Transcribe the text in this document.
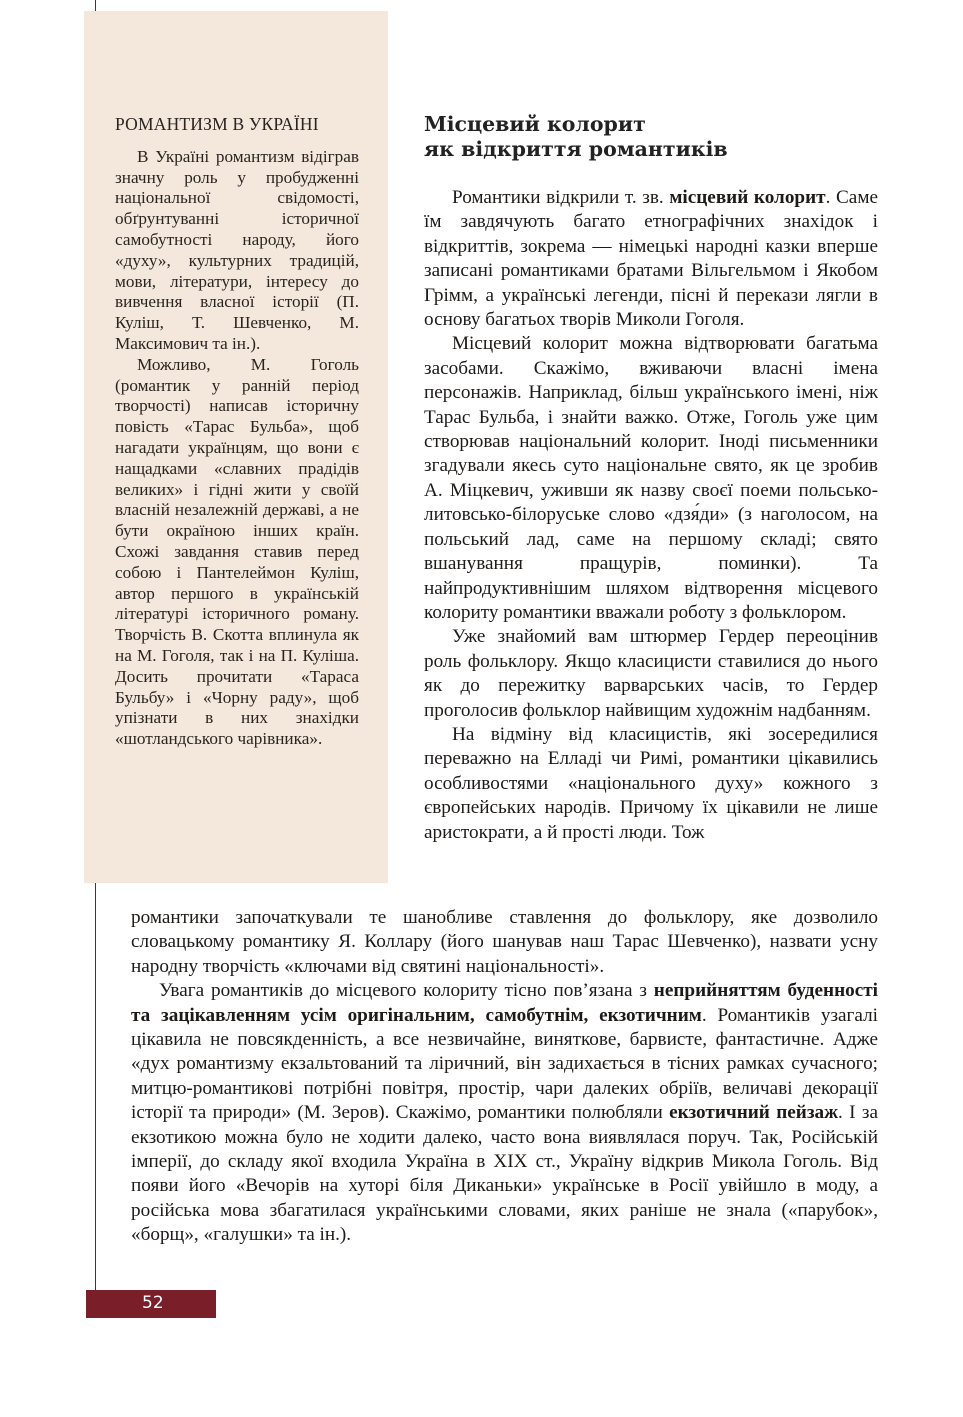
РОМАНТИЗМ В УКРАЇНІ

В Україні романтизм відіграв значну роль у пробудженні національної свідомості, обґрунтуванні історичної самобутності народу, його «духу», культурних традицій, мови, літератури, інтересу до вивчення власної історії (П. Куліш, Т. Шевченко, М. Максимович та ін.).

Можливо, М. Гоголь (романтик у ранній період творчості) написав історичну повість «Тарас Бульба», щоб нагадати українцям, що вони є нащадками «славних прадідів великих» і гідні жити у своїй власній незалежній державі, а не бути окраїною інших країн. Схожі завдання ставив перед собою і Пантелеймон Куліш, автор першого в українській літературі історичного роману. Творчість В. Скотта вплинула як на М. Гоголя, так і на П. Куліша. Досить прочитати «Тараса Бульбу» і «Чорну раду», щоб упізнати в них знахідки «шотландського чарівника».

Місцевий колорит
як відкриття романтиків

Романтики відкрили т. зв. місцевий колорит. Саме їм завдячують багато етнографічних знахідок і відкриттів, зокрема — німецькі народні казки вперше записані романтиками братами Вільгельмом і Якобом Грімм, а українські легенди, пісні й перекази лягли в основу багатьох творів Миколи Гоголя.

Місцевий колорит можна відтворювати багатьма засобами. Скажімо, вживаючи власні імена персонажів. Наприклад, більш українського імені, ніж Тарас Бульба, і знайти важко. Отже, Гоголь уже цим створював національний колорит. Іноді письменники згадували якесь суто національне свято, як це зробив А. Міцкевич, уживши як назву своєї поеми польсько-литовсько-білоруське слово «дзя́ди» (з наголосом, на польський лад, саме на першому складі; свято вшанування пращурів, поминки). Та найпродуктивнішим шляхом відтворення місцевого колориту романтики вважали роботу з фольклором.

Уже знайомий вам штюрмер Гердер переоцінив роль фольклору. Якщо класицисти ставилися до нього як до пережитку варварських часів, то Гердер проголосив фольклор найвищим художнім надбанням.

На відміну від класицистів, які зосередилися переважно на Елладі чи Римі, романтики цікавились особливостями «національного духу» кожного з європейських народів. Причому їх цікавили не лише аристократи, а й прості люди. Тож

романтики започаткували те шанобливе ставлення до фольклору, яке дозволило словацькому романтику Я. Коллару (його шанував наш Тарас Шевченко), назвати усну народну творчість «ключами від святині національності».

Увага романтиків до місцевого колориту тісно пов’язана з неприйняттям буденності та зацікавленням усім оригінальним, самобутнім, екзотичним. Романтиків узагалі цікавила не повсякденність, а все незвичайне, виняткове, барвисте, фантастичне. Адже «дух романтизму екзальтований та ліричний, він задихається в тісних рамках сучасного; митцю-романтикові потрібні повітря, простір, чари далеких обріїв, величаві декорації історії та природи» (М. Зеров). Скажімо, романтики полюбляли екзотичний пейзаж. І за екзотикою можна було не ходити далеко, часто вона виявлялася поруч. Так, Російській імперії, до складу якої входила Україна в XIX ст., Україну відкрив Микола Гоголь. Від появи його «Вечорів на хуторі біля Диканьки» українське в Росії увійшло в моду, а російська мова збагатилася українськими словами, яких раніше не знала («парубок», «борщ», «галушки» та ін.).

52
